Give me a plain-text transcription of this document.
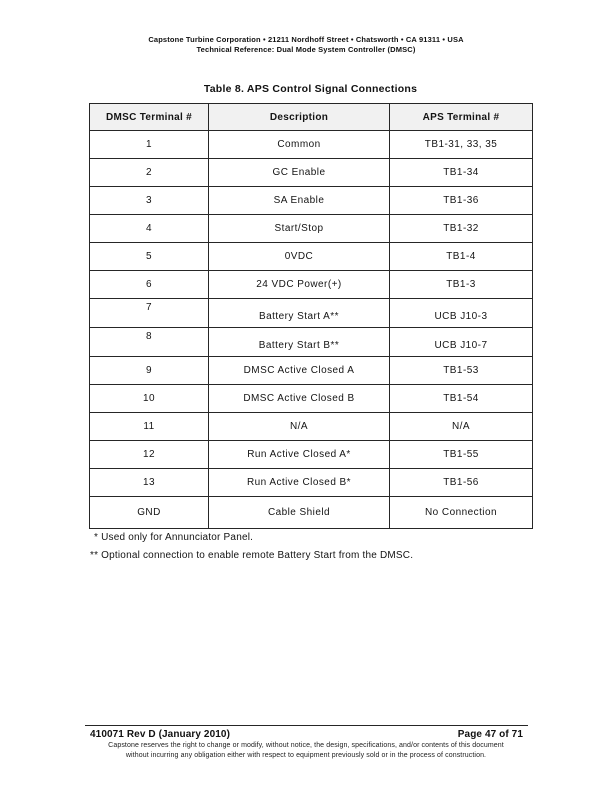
Capstone Turbine Corporation • 21211 Nordhoff Street • Chatsworth • CA 91311 • USA
Technical Reference: Dual Mode System Controller (DMSC)
Table 8. APS Control Signal Connections
DMSC Terminal #	Description	APS Terminal #
1	Common	TB1-31, 33, 35
2	GC Enable	TB1-34
3	SA Enable	TB1-36
4	Start/Stop	TB1-32
5	0VDC	TB1-4
6	24 VDC Power(+)	TB1-3
7	Battery Start A**	UCB J10-3
8	Battery Start B**	UCB J10-7
9	DMSC Active Closed A	TB1-53
10	DMSC Active Closed B	TB1-54
11	N/A	N/A
12	Run Active Closed A*	TB1-55
13	Run Active Closed B*	TB1-56
GND	Cable Shield	No Connection
* Used only for Annunciator Panel.
** Optional connection to enable remote Battery Start from the DMSC.
410071 Rev D (January 2010)	Page 47 of 71
Capstone reserves the right to change or modify, without notice, the design, specifications, and/or contents of this document
without incurring any obligation either with respect to equipment previously sold or in the process of construction.
